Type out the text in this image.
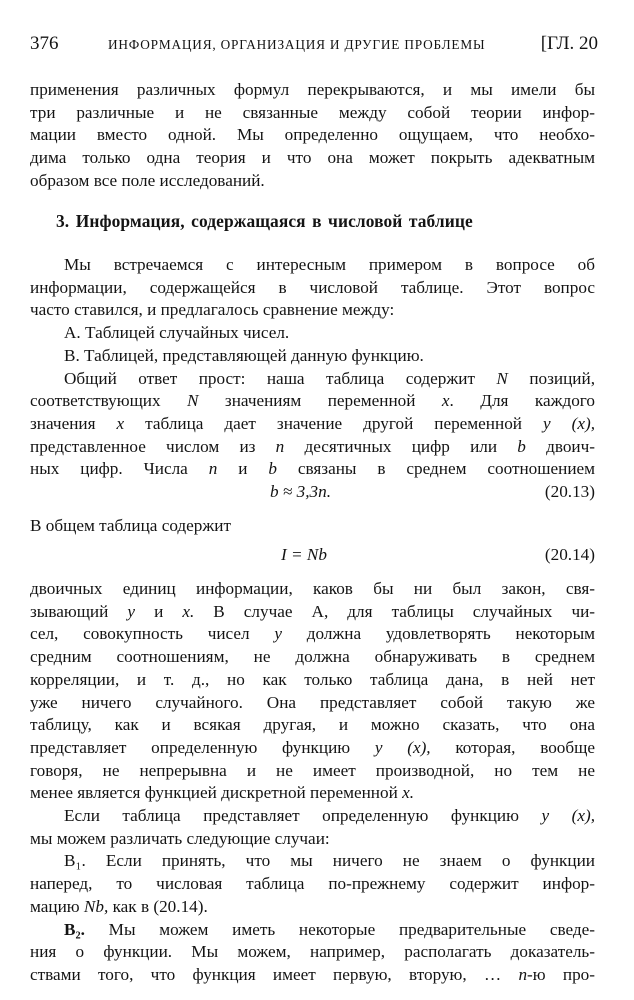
376	ИНФОРМАЦИЯ, ОРГАНИЗАЦИЯ И ДРУГИЕ ПРОБЛЕМЫ	[ГЛ. 20

применения различных формул перекрываются, и мы имели бы

три различные и не связанные между собой теории инфор-

мации вместо одной. Мы определенно ощущаем, что необхо-

дима только одна теория и что она может покрыть адекватным

образом все поле исследований.

3. Информация, содержащаяся в числовой таблице

Мы встречаемся с интересным примером в вопросе об

информации, содержащейся в числовой таблице. Этот вопрос

часто ставился, и предлагалось сравнение между:

А. Таблицей случайных чисел.

В. Таблицей, представляющей данную функцию.

Общий ответ прост: наша таблица содержит N позиций,

соответствующих N значениям переменной x. Для каждого

значения x таблица дает значение другой переменной y (x),

представленное числом из n десятичных цифр или b двоич-

ных цифр. Числа n и b связаны в среднем соотношением

b ≈ 3,3n.	(20.13)

В общем таблица содержит

I = Nb	(20.14)

двоичных единиц информации, каков бы ни был закон, свя-

зывающий y и x. В случае А, для таблицы случайных чи-

сел, совокупность чисел y должна удовлетворять некоторым

средним соотношениям, не должна обнаруживать в среднем

корреляции, и т. д., но как только таблица дана, в ней нет

уже ничего случайного. Она представляет собой такую же

таблицу, как и всякая другая, и можно сказать, что она

представляет определенную функцию y (x), которая, вообще

говоря, не непрерывна и не имеет производной, но тем не

менее является функцией дискретной переменной x.

Если таблица представляет определенную функцию y (x),

мы можем различать следующие случаи:

B₁. Если принять, что мы ничего не знаем о функции

наперед, то числовая таблица по-прежнему содержит инфор-

мацию Nb, как в (20.14).

B₂. Мы можем иметь некоторые предварительные сведе-

ния о функции. Мы можем, например, располагать доказатель-

ствами того, что функция имеет первую, вторую, … n-ю про-
